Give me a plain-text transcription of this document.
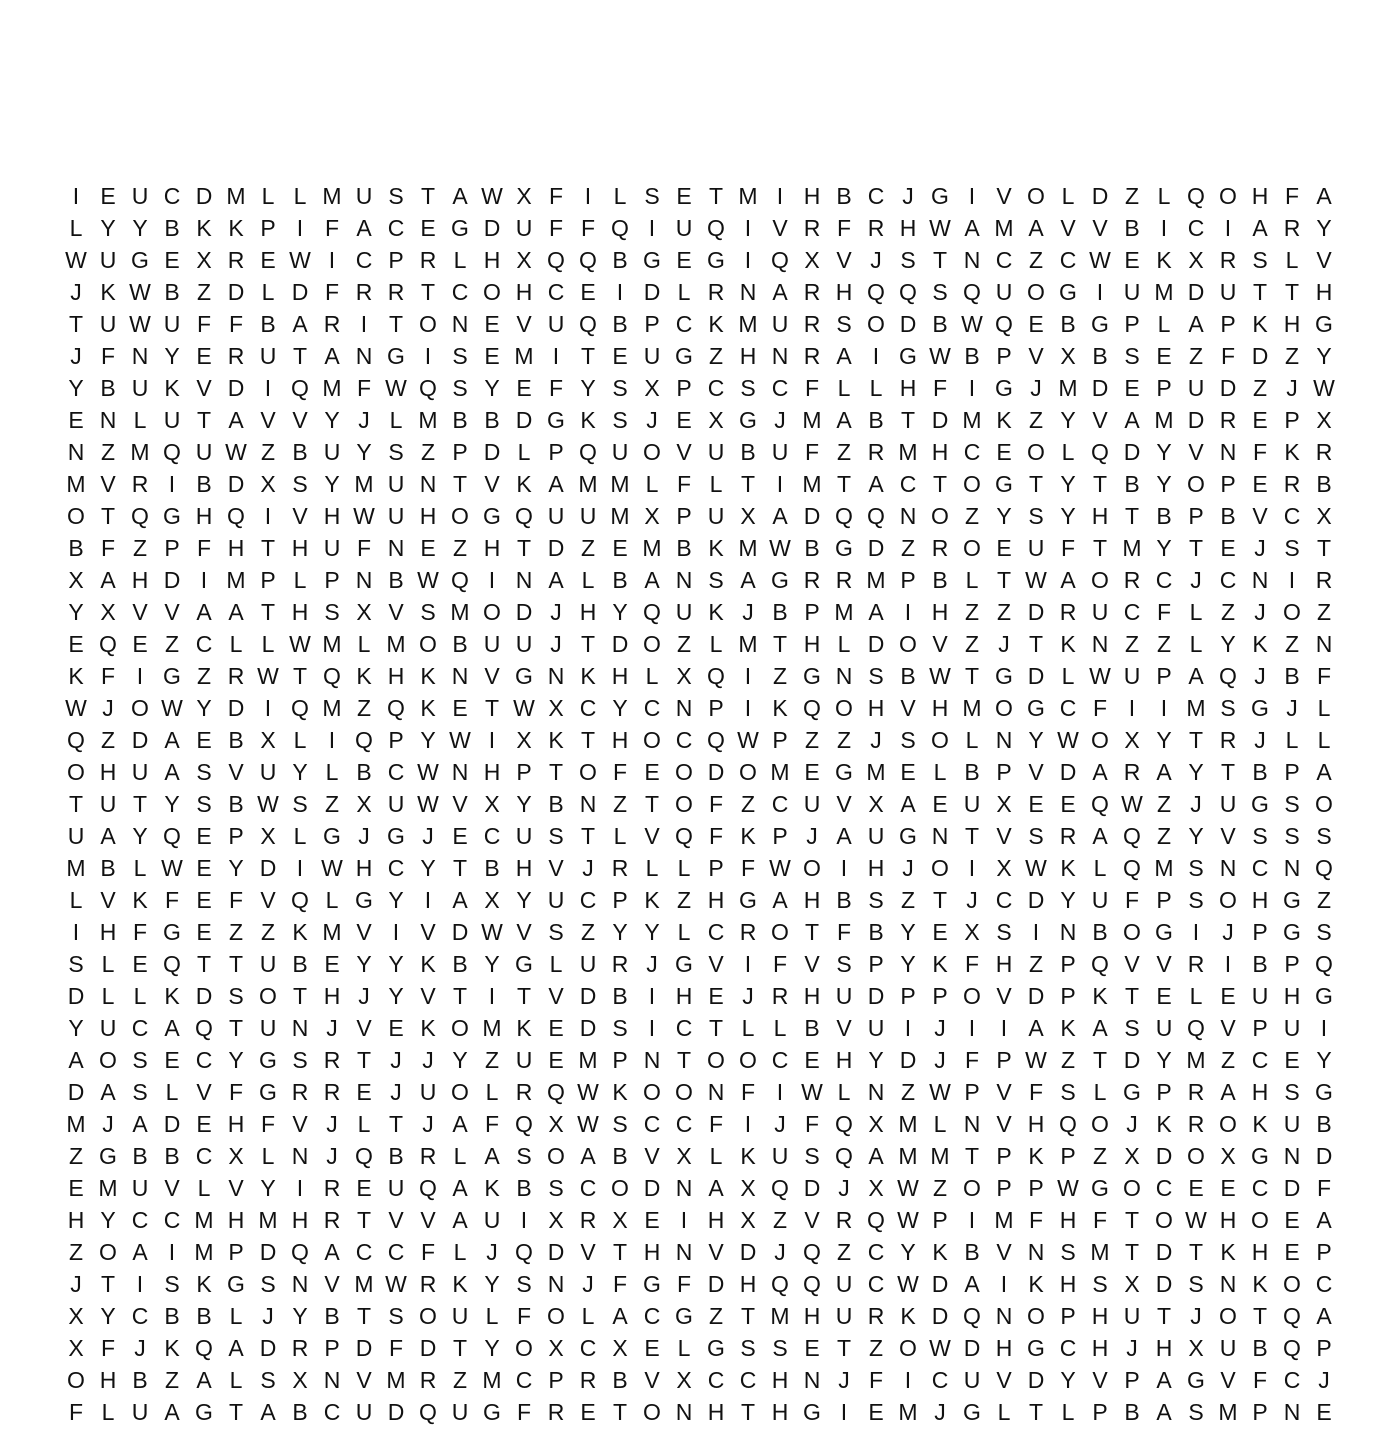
I E U C D M L L M U S T A W X F I L S E T M I H B C J G I V O L D Z L Q O H F A
L Y Y B K K P I F A C E G D U F F Q I U Q I V R F R H W A M A V V B I C I A R Y
W U G E X R E W I C P R L H X Q Q B G E G I Q X V J S T N C Z C W E K X R S L V
J K W B Z D L D F R R T C O H C E I D L R N A R H Q Q S Q U O G I U M D U T T H
T U W U F F B A R I T O N E V U Q B P C K M U R S O D B W Q E B G P L A P K H G
J F N Y E R U T A N G I S E M I T E U G Z H N R A I G W B P V X B S E Z F D Z Y
Y B U K V D I Q M F W Q S Y E F Y S X P C S C F L L H F I G J M D E P U D Z J W
E N L U T A V V Y J L M B B D G K S J E X G J M A B T D M K Z Y V A M D R E P X
N Z M Q U W Z B U Y S Z P D L P Q U O V U B U F Z R M H C E O L Q D Y V N F K R
M V R I B D X S Y M U N T V K A M M L F L T I M T A C T O G T Y T B Y O P E R B
O T Q G H Q I V H W U H O G Q U U M X P U X A D Q Q N O Z Y S Y H T B P B V C X
B F Z P F H T H U F N E Z H T D Z E M B K M W B G D Z R O E U F T M Y T E J S T
X A H D I M P L P N B W Q I N A L B A N S A G R R M P B L T W A O R C J C N I R
Y X V V A A T H S X V S M O D J H Y Q U K J B P M A I H Z Z D R U C F L Z J O Z
E Q E Z C L L W M L M O B U U J T D O Z L M T H L D O V Z J T K N Z Z L Y K Z N
K F I G Z R W T Q K H K N V G N K H L X Q I Z G N S B W T G D L W U P A Q J B F
W J O W Y D I Q M Z Q K E T W X C Y C N P I K Q O H V H M O G C F I	I M S G J L
Q Z D A E B X L I Q P Y W I X K T H O C Q W P Z Z J S O L N Y W O X Y T R J L L
O H U A S V U Y L B C W N H P T O F E O D O M E G M E L B P V D A R A Y T B P A
T U T Y S B W S Z X U W V X Y B N Z T O F Z C U V X A E U X E E Q W Z J U G S O
U A Y Q E P X L G J G J E C U S T L V Q F K P J A U G N T V S R A Q Z Y V S S S
M B L W E Y D I W H C Y T B H V J R L L P F W O I H J O I X W K L Q M S N C N Q
L V K F E F V Q L G Y I A X Y U C P K Z H G A H B S Z T J C D Y U F P S O H G Z
I H F G E Z Z K M V I V D W V S Z Y Y L C R O T F B Y E X S I N B O G I	J P G S
S L E Q T T U B E Y Y K B Y G L U R J G V I F V S P Y K F H Z P Q V V R I B P Q
D L L K D S O T H J Y V T I T V D B I H E J R H U D P P O V D P K T E L E U H G
Y U C A Q T U N J V E K O M K E D S I C T L L B V U I	J	I	I A K A S U Q V P U I
A O S E C Y G S R T J J Y Z U E M P N T O O C E H Y D J F P W Z T D Y M Z C E Y
D A S L V F G R R E J U O L R Q W K O O N F I W L N Z W P V F S L G P R A H S G
M J A D E H F V J L T J A F Q X W S C C F I	J F Q X M L N V H Q O J K R O K U B
Z G B B C X L N J Q B R L A S O A B V X L K U S Q A M M T P K P Z X D O X G N D
E M U V L V Y I R E U Q A K B S C O D N A X Q D J X W Z O P P W G O C E E C D F
H Y C C M H M H R T V V A U I X R X E I H X Z V R Q W P I M F H F T O W H O E A
Z O A I M P D Q A C C F L J Q D V T H N V D J Q Z C Y K B V N S M T D T K H E P
J T I S K G S N V M W R K Y S N J F G F D H Q Q U C W D A I K H S X D S N K O C
X Y C B B L J Y B T S O U L F O L A C G Z T M H U R K D Q N O P H U T J O T Q A
X F J K Q A D R P D F D T Y O X C X E L G S S E T Z O W D H G C H J H X U B Q P
O H B Z A L S X N V M R Z M C P R B V X C C H N J F I C U V D Y V P A G V F C J
F L U A G T A B C U D Q U G F R E T O N H T H G I E M J G L T L P B A S M P N E
